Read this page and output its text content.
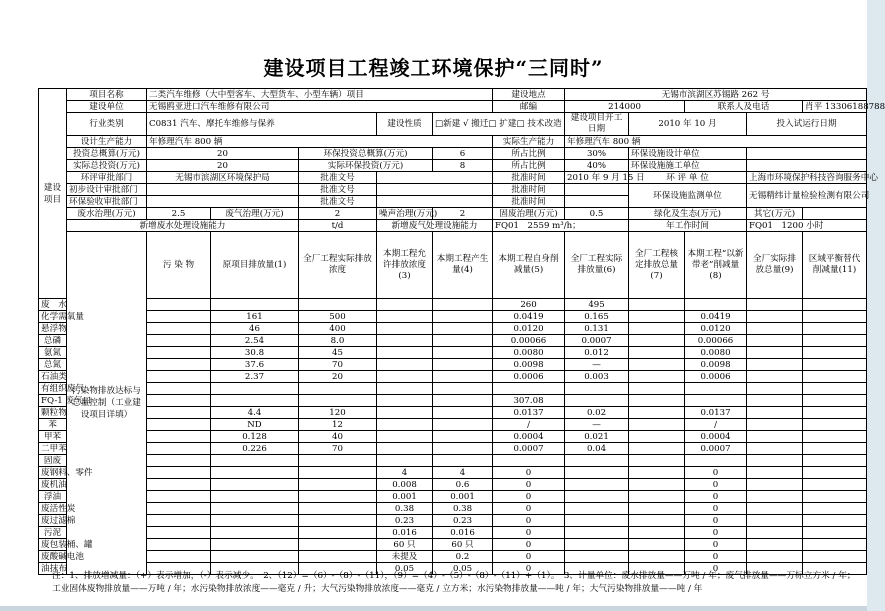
建设项目工程竣工环境保护“三同时”
建设项目	项目名称	二类汽车维修（大中型客车、大型货车、小型车辆）项目					建设地点	无锡市滨湖区苏锡路 262 号					
	建设单位	无锡鸥亚进口汽车维修有限公司					邮编	214000		联系人及电话		肖平 13306188788	
	行业类别	C0831 汽车、摩托车维修与保养			建设性质	□新建 √ 搬迁□ 扩建□ 技术改造		建设项目开工日期	2010 年 10 月		投入试运行日期		
	设计生产能力	年修理汽车 800 辆					实际生产能力	年修理汽车 800 辆					
	投资总概算(万元)	20		环保投资总概算(万元)		6	所占比例	30%	环保设施设计单位				
	实际总投资(万元)	20		实际环保投资(万元)		8	所占比例	40%	环保设施施工单位				
	环评审批部门	无锡市滨湖区环境保护局		批准文号			批准时间	2010 年 9 月 15 日	环 评 单 位		上海市环境保护科技咨询服务中心		
	初步设计审批部门			批准文号			批准时间		环保设施监测单位		无锡精纬计量检验检测有限公司		
	环保验收审批部门			批准文号			批准时间						
	废水治理(万元)	2.5	废气治理(万元)	2	噪声治理(万元)	2	固废治理(万元)	0.5	绿化及生态(万元)		其它(万元)		
	新增废水处理设施能力			t/d	新增废气处理设施能力		FQ01　2559 m³/h；		年工作时间		FQ01　1200 小时		
	污染物排放达标与总量控制（工业建设项目详填）	污 染 物	原项目排放量(1)	全厂工程实际排放浓度	本期工程允许排放浓度(3)	本期工程产生量(4)	本期工程自身削减量(5)	全厂工程实际排放量(6)	全厂工程核定排放总量(7)	本期工程“以新带老”削减量(8)	全厂实际排放总量(9)	区域平衡替代削减量(11)	
废　水							260	495					
化学需氧量			161	500			0.0419	0.165		0.0419			
悬浮物			46	400			0.0120	0.131		0.0120			
总磷			2.54	8.0			0.00066	0.0007		0.00066			
氨氮			30.8	45			0.0080	0.012		0.0080			
总氮			37.6	70			0.0098	—		0.0098			
石油类			2.37	20			0.0006	0.003		0.0006			
有组织废气													
FQ-1 废气口							307.08						
颗粒物			4.4	120			0.0137	0.02		0.0137			
苯			ND	12			/	—		/			
甲苯			0.128	40			0.0004	0.021		0.0004			
二甲苯			0.226	70			0.0007	0.04		0.0007			
固废													
废钢料、零件					4	4	0			0			
废机油					0.008	0.6	0			0			
浮油					0.001	0.001	0			0			
废活性炭					0.38	0.38	0			0			
废过滤棉					0.23	0.23	0			0			
污泥					0.016	0.016	0			0			
废包装桶、罐					60 只	60 只	0			0			
废酸碱电池					未提及	0.2	0			0			
油抹布					0.05	0.05	0			0			
注：1、排放增减量：（+）表示增加，（-）表示减少。　2、（12）=（6）-（8）-（11），（9）=（4）-（5）-（8）-（11）+（1）。　3、计量单位：废水排放量——万吨 / 年；废气排放量——万标立方米 / 年；工业固体废物排放量——万吨 / 年；水污染物排放浓度——毫克 / 升；大气污染物排放浓度——毫克 / 立方米；水污染物排放量——吨 / 年；大气污染物排放量——吨 / 年
